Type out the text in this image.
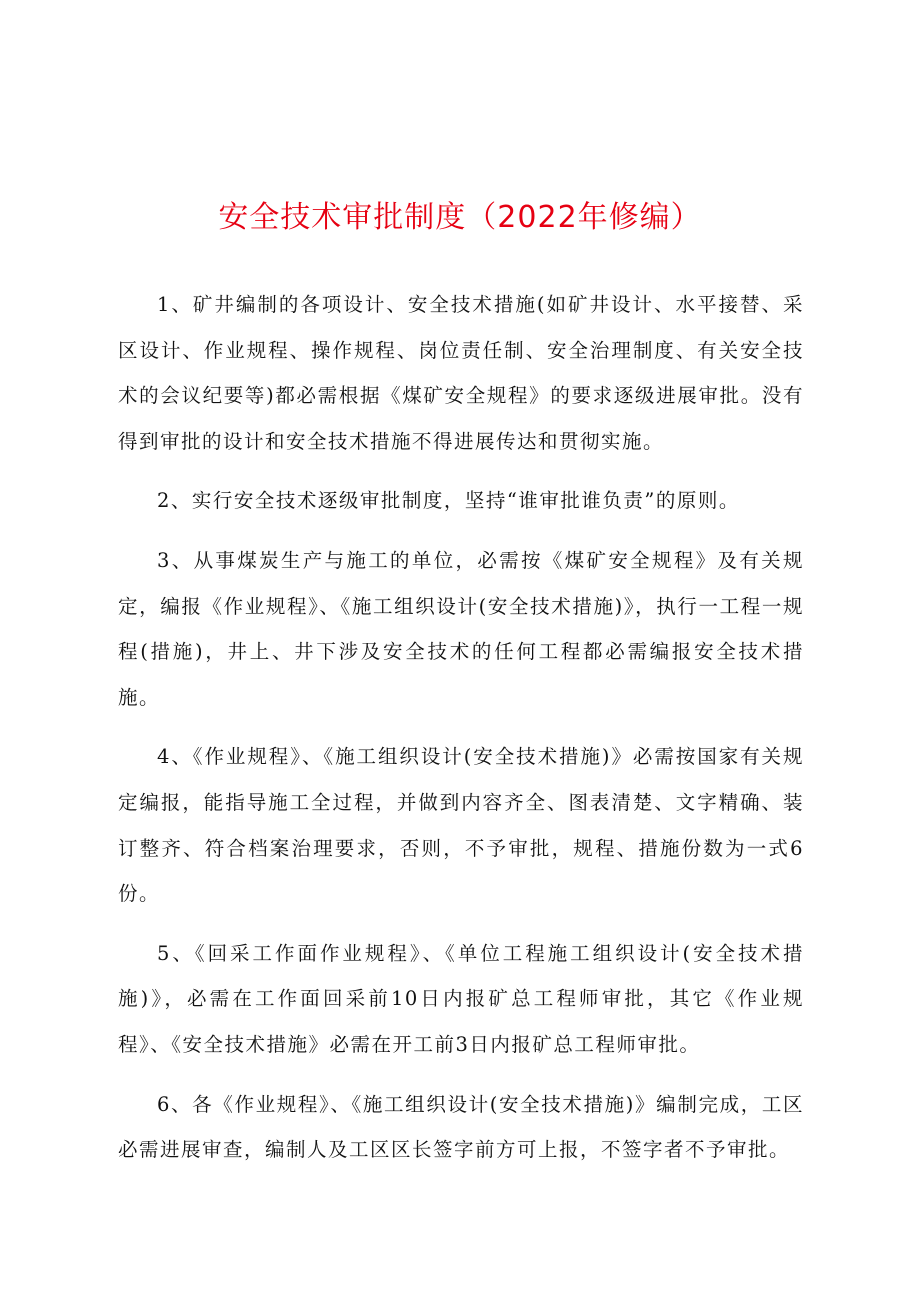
安全技术审批制度（2022年修编）

1、矿井编制的各项设计、安全技术措施(如矿井设计、水平接替、采区设计、作业规程、操作规程、岗位责任制、安全治理制度、有关安全技术的会议纪要等)都必需根据《煤矿安全规程》的要求逐级进展审批。没有得到审批的设计和安全技术措施不得进展传达和贯彻实施。

2、实行安全技术逐级审批制度，坚持“谁审批谁负责”的原则。

3、从事煤炭生产与施工的单位，必需按《煤矿安全规程》及有关规定，编报《作业规程》、《施工组织设计(安全技术措施)》，执行一工程一规程(措施)，井上、井下涉及安全技术的任何工程都必需编报安全技术措施。

4、《作业规程》、《施工组织设计(安全技术措施)》必需按国家有关规定编报，能指导施工全过程，并做到内容齐全、图表清楚、文字精确、装订整齐、符合档案治理要求，否则，不予审批，规程、措施份数为一式6份。

5、《回采工作面作业规程》、《单位工程施工组织设计(安全技术措施)》，必需在工作面回采前10日内报矿总工程师审批，其它《作业规程》、《安全技术措施》必需在开工前3日内报矿总工程师审批。

6、各《作业规程》、《施工组织设计(安全技术措施)》编制完成，工区必需进展审查，编制人及工区区长签字前方可上报，不签字者不予审批。
